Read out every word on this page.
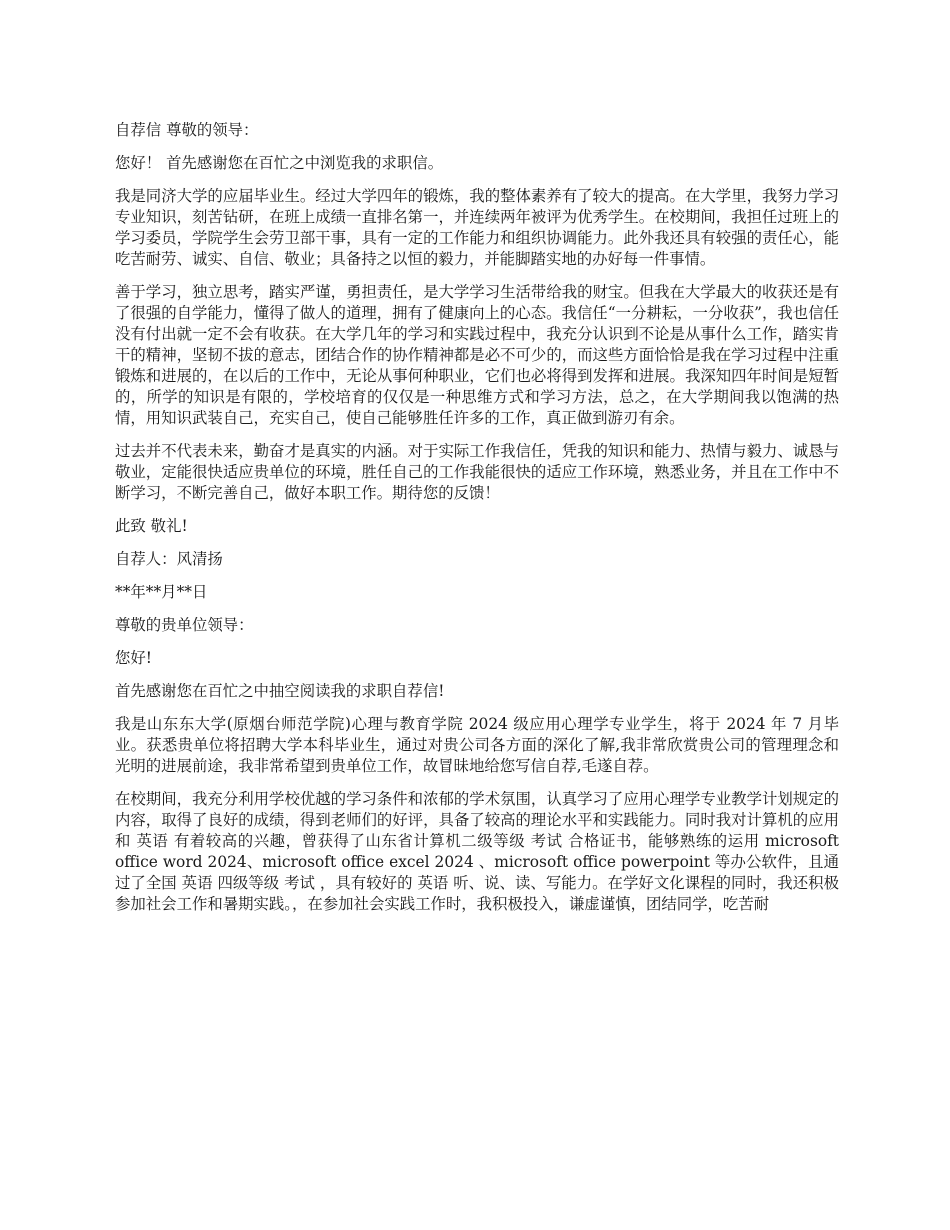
自荐信 尊敬的领导：

您好！ 首先感谢您在百忙之中浏览我的求职信。

我是同济大学的应届毕业生。经过大学四年的锻炼，我的整体素养有了较大的提高。在大学里，我努力学习专业知识，刻苦钻研，在班上成绩一直排名第一，并连续两年被评为优秀学生。在校期间，我担任过班上的学习委员，学院学生会劳卫部干事，具有一定的工作能力和组织协调能力。此外我还具有较强的责任心，能吃苦耐劳、诚实、自信、敬业；具备持之以恒的毅力，并能脚踏实地的办好每一件事情。

善于学习，独立思考，踏实严谨，勇担责任，是大学学习生活带给我的财宝。但我在大学最大的收获还是有了很强的自学能力，懂得了做人的道理，拥有了健康向上的心态。我信任“一分耕耘，一分收获”，我也信任没有付出就一定不会有收获。在大学几年的学习和实践过程中，我充分认识到不论是从事什么工作，踏实肯干的精神，坚韧不拔的意志，团结合作的协作精神都是必不可少的，而这些方面恰恰是我在学习过程中注重锻炼和进展的，在以后的工作中，无论从事何种职业，它们也必将得到发挥和进展。我深知四年时间是短暂的，所学的知识是有限的，学校培育的仅仅是一种思维方式和学习方法，总之，在大学期间我以饱满的热情，用知识武装自己，充实自己，使自己能够胜任许多的工作，真正做到游刃有余。

过去并不代表未来，勤奋才是真实的内涵。对于实际工作我信任，凭我的知识和能力、热情与毅力、诚恳与敬业，定能很快适应贵单位的环境，胜任自己的工作我能很快的适应工作环境，熟悉业务，并且在工作中不断学习，不断完善自己，做好本职工作。期待您的反馈！

此致 敬礼!

自荐人：风清扬

**年**月**日

尊敬的贵单位领导：

您好!

首先感谢您在百忙之中抽空阅读我的求职自荐信!

我是山东东大学(原烟台师范学院)心理与教育学院 2024 级应用心理学专业学生，将于 2024 年 7 月毕业。获悉贵单位将招聘大学本科毕业生，通过对贵公司各方面的深化了解,我非常欣赏贵公司的管理理念和光明的进展前途，我非常希望到贵单位工作，故冒昧地给您写信自荐,毛遂自荐。

在校期间，我充分利用学校优越的学习条件和浓郁的学术氛围，认真学习了应用心理学专业教学计划规定的内容，取得了良好的成绩，得到老师们的好评，具备了较高的理论水平和实践能力。同时我对计算机的应用和 英语 有着较高的兴趣，曾获得了山东省计算机二级等级 考试 合格证书，能够熟练的运用 microsoft office word 2024、microsoft office excel 2024 、microsoft office powerpoint 等办公软件，且通过了全国 英语 四级等级 考试 ，具有较好的 英语 听、说、读、写能力。在学好文化课程的同时，我还积极参加社会工作和暑期实践。，在参加社会实践工作时，我积极投入，谦虚谨慎，团结同学，吃苦耐
